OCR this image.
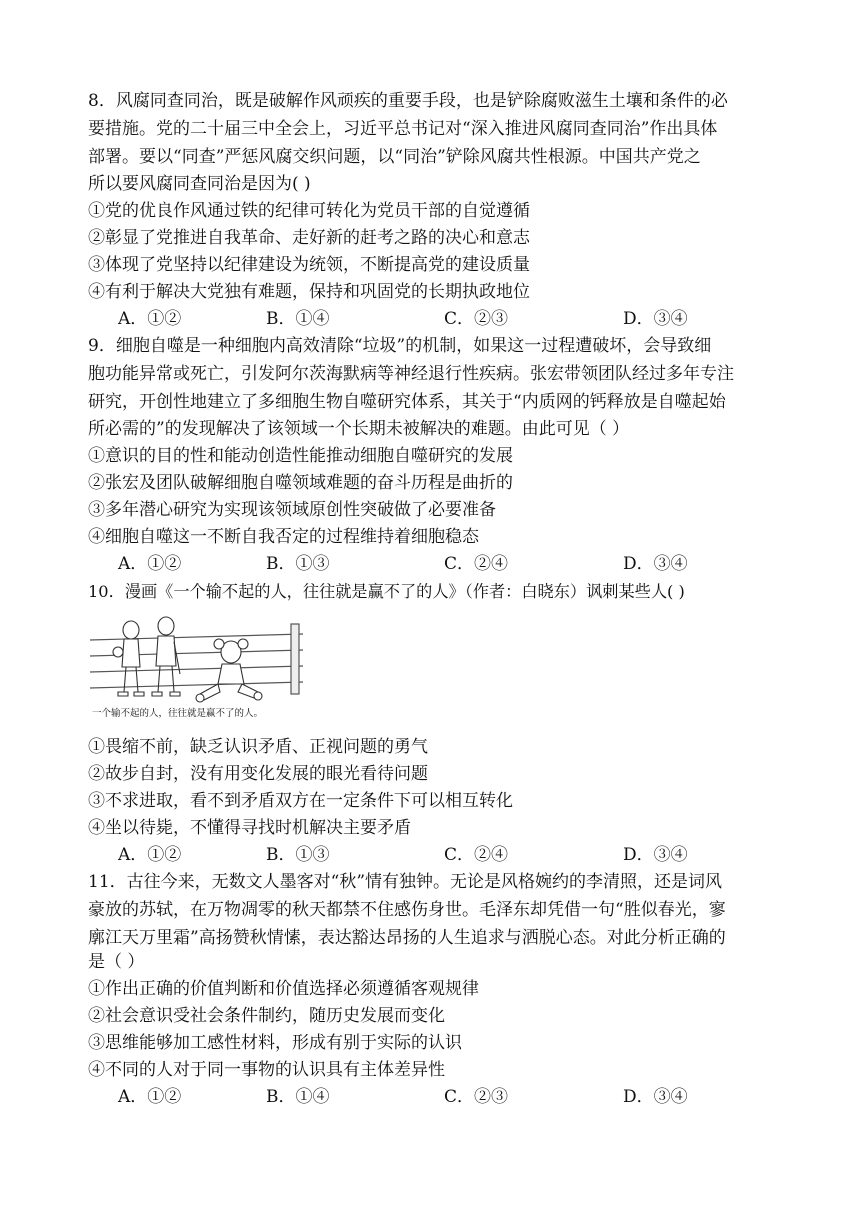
8．风腐同查同治，既是破解作风顽疾的重要手段，也是铲除腐败滋生土壤和条件的必
要措施。党的二十届三中全会上，习近平总书记对“深入推进风腐同查同治”作出具体
部署。要以“同查”严惩风腐交织问题，以“同治”铲除风腐共性根源。中国共产党之
所以要风腐同查同治是因为( )
①党的优良作风通过铁的纪律可转化为党员干部的自觉遵循
②彰显了党推进自我革命、走好新的赶考之路的决心和意志
③体现了党坚持以纪律建设为统领，不断提高党的建设质量
④有利于解决大党独有难题，保持和巩固党的长期执政地位
A．①②	B．①④	C．②③	D．③④
9．细胞自噬是一种细胞内高效清除“垃圾”的机制，如果这一过程遭破坏，会导致细
胞功能异常或死亡，引发阿尔茨海默病等神经退行性疾病。张宏带领团队经过多年专注
研究，开创性地建立了多细胞生物自噬研究体系，其关于“内质网的钙释放是自噬起始
所必需的”的发现解决了该领域一个长期未被解决的难题。由此可见（ ）
①意识的目的性和能动创造性能推动细胞自噬研究的发展
②张宏及团队破解细胞自噬领域难题的奋斗历程是曲折的
③多年潜心研究为实现该领域原创性突破做了必要准备
④细胞自噬这一不断自我否定的过程维持着细胞稳态
A．①②	B．①③	C．②④	D．③④
10．漫画《一个输不起的人，往往就是赢不了的人》（作者：白晓东）讽刺某些人( )
一个输不起的人，往往就是赢不了的人。
①畏缩不前，缺乏认识矛盾、正视问题的勇气
②故步自封，没有用变化发展的眼光看待问题
③不求进取，看不到矛盾双方在一定条件下可以相互转化
④坐以待毙，不懂得寻找时机解决主要矛盾
A．①②	B．①③	C．②④	D．③④
11．古往今来，无数文人墨客对“秋”情有独钟。无论是风格婉约的李清照，还是词风
豪放的苏轼，在万物凋零的秋天都禁不住感伤身世。毛泽东却凭借一句“胜似春光，寥
廓江天万里霜”高扬赞秋情愫，表达豁达昂扬的人生追求与洒脱心态。对此分析正确的
是（ ）
①作出正确的价值判断和价值选择必须遵循客观规律
②社会意识受社会条件制约，随历史发展而变化
③思维能够加工感性材料，形成有别于实际的认识
④不同的人对于同一事物的认识具有主体差异性
A．①②	B．①④	C．②③	D．③④
